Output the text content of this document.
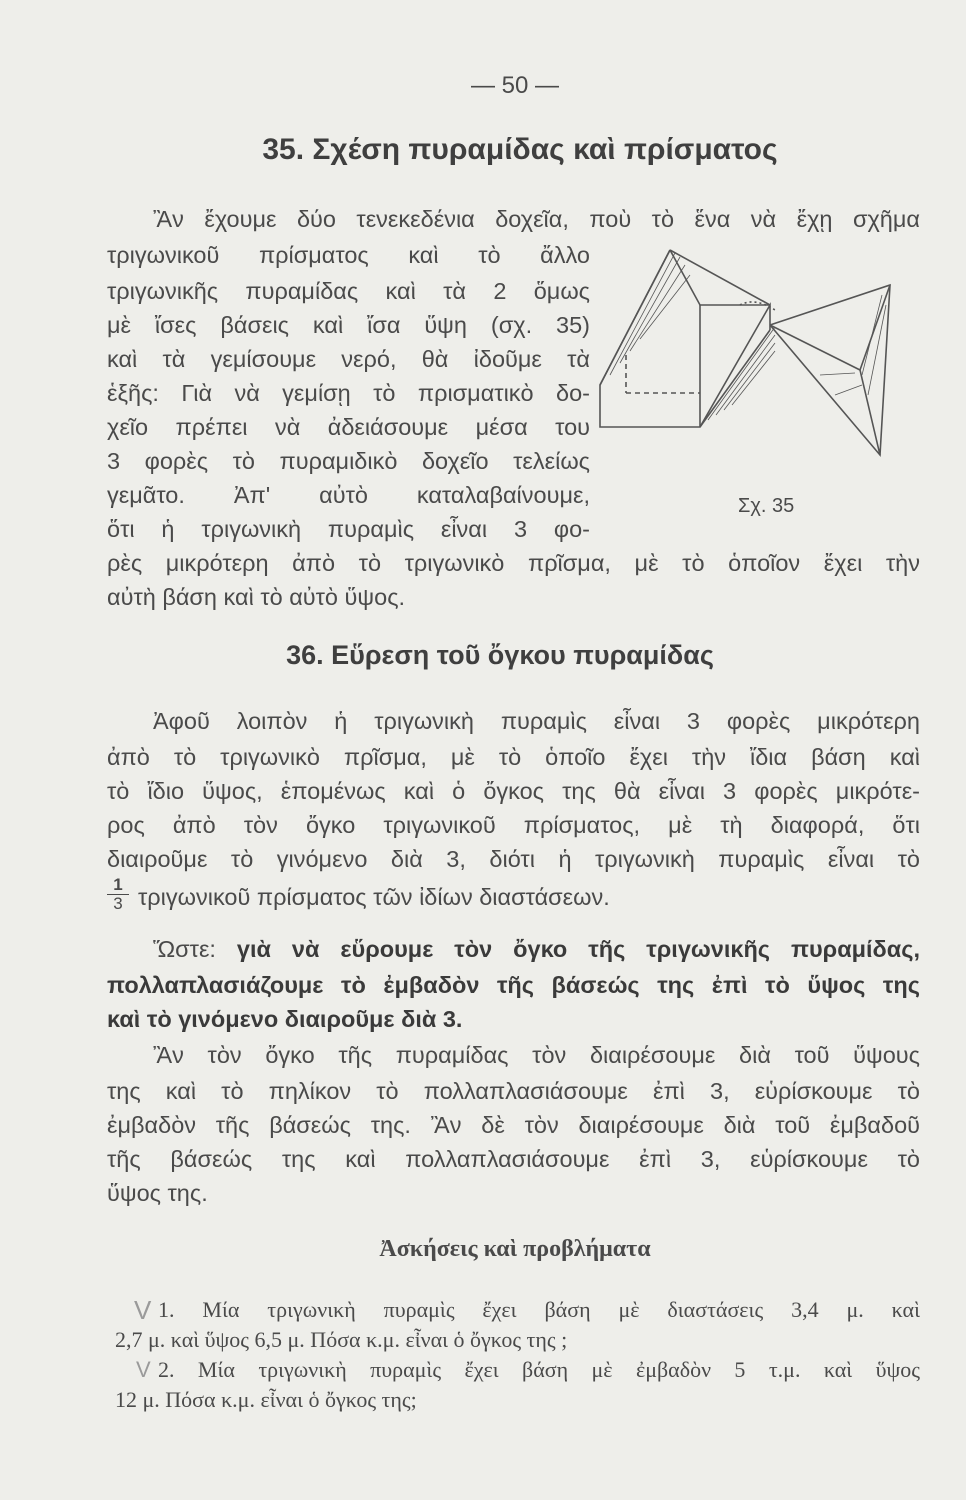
— 50 —
35. Σχέση πυραμίδας καὶ πρίσματος
Ἂν ἔχουμε δύο τενεκεδένια δοχεῖα, ποὺ τὸ ἕνα νὰ ἔχῃ σχῆμα
τριγωνικοῦ πρίσματος καὶ τὸ ἄλλο
τριγωνικῆς πυραμίδας καὶ τὰ 2 ὅμως
μὲ ἴσες βάσεις καὶ ἴσα ὕψη (σχ. 35)
καὶ τὰ γεμίσουμε νερό, θὰ ἰδοῦμε τὰ
ἑξῆς: Γιὰ νὰ γεμίσῃ τὸ πρισματικὸ δο-
χεῖο πρέπει νὰ ἀδειάσουμε μέσα του
3 φορὲς τὸ πυραμιδικὸ δοχεῖο τελείως
γεμᾶτο. Ἀπ' αὐτὸ καταλαβαίνουμε,
ὅτι ἡ τριγωνικὴ πυραμὶς εἶναι 3 φο-
ρὲς μικρότερη ἀπὸ τὸ τριγωνικὸ πρῖσμα, μὲ τὸ ὁποῖον ἔχει τὴν
αὐτὴ βάση καὶ τὸ αὐτὸ ὕψος.
Σχ. 35
36. Εὕρεση τοῦ ὄγκου πυραμίδας
Ἀφοῦ λοιπὸν ἡ τριγωνικὴ πυραμὶς εἶναι 3 φορὲς μικρότερη
ἀπὸ τὸ τριγωνικὸ πρῖσμα, μὲ τὸ ὁποῖο ἔχει τὴν ἴδια βάση καὶ
τὸ ἴδιο ὕψος, ἑπομένως καὶ ὁ ὄγκος της θὰ εἶναι 3 φορὲς μικρότε-
ρος ἀπὸ τὸν ὄγκο τριγωνικοῦ πρίσματος, μὲ τὴ διαφορά, ὅτι
διαιροῦμε τὸ γινόμενο διὰ 3, διότι ἡ τριγωνικὴ πυραμὶς εἶναι τὸ
$\frac{1}{3}$ τριγωνικοῦ πρίσματος τῶν ἰδίων διαστάσεων.
Ὥστε: γιὰ νὰ εὕρουμε τὸν ὄγκο τῆς τριγωνικῆς πυραμίδας,
πολλαπλασιάζουμε τὸ ἐμβαδὸν τῆς βάσεώς της ἐπὶ τὸ ὕψος της
καὶ τὸ γινόμενο διαιροῦμε διὰ 3.
Ἂν τὸν ὄγκο τῆς πυραμίδας τὸν διαιρέσουμε διὰ τοῦ ὕψους
της καὶ τὸ πηλίκον τὸ πολλαπλασιάσουμε ἐπὶ 3, εὑρίσκουμε τὸ
ἐμβαδὸν τῆς βάσεώς της. Ἂν δὲ τὸν διαιρέσουμε διὰ τοῦ ἐμβαδοῦ
τῆς βάσεώς της καὶ πολλαπλασιάσουμε ἐπὶ 3, εὑρίσκουμε τὸ
ὕψος της.
Ἀσκήσεις καὶ προβλήματα
V 1. Μία τριγωνικὴ πυραμὶς ἔχει βάση μὲ διαστάσεις 3,4 μ. καὶ
2,7 μ. καὶ ὕψος 6,5 μ. Πόσα κ.μ. εἶναι ὁ ὄγκος της ;
V 2. Μία τριγωνικὴ πυραμὶς ἔχει βάση μὲ ἐμβαδὸν 5 τ.μ. καὶ ὕψος
12 μ. Πόσα κ.μ. εἶναι ὁ ὄγκος της;
